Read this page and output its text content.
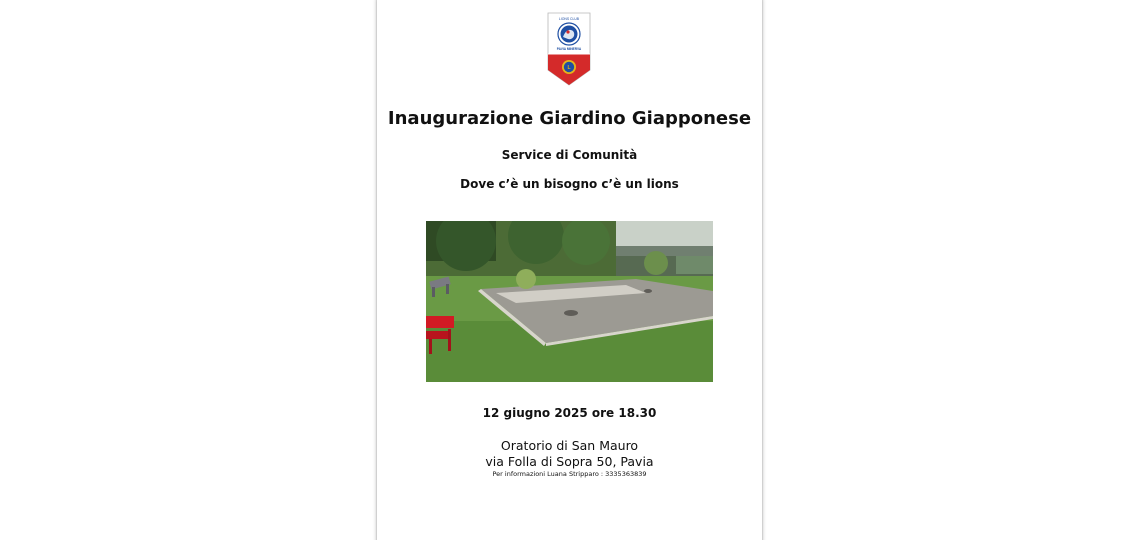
LIONS CLUB
PAVIA MINERVA
L
Inaugurazione Giardino Giapponese

Service di Comunità

Dove c’è un bisogno c’è un lions

12 giugno 2025 ore 18.30

Oratorio di San Mauro

via Folla di Sopra 50, Pavia

Per informazioni Luana Stripparo : 3335363839
